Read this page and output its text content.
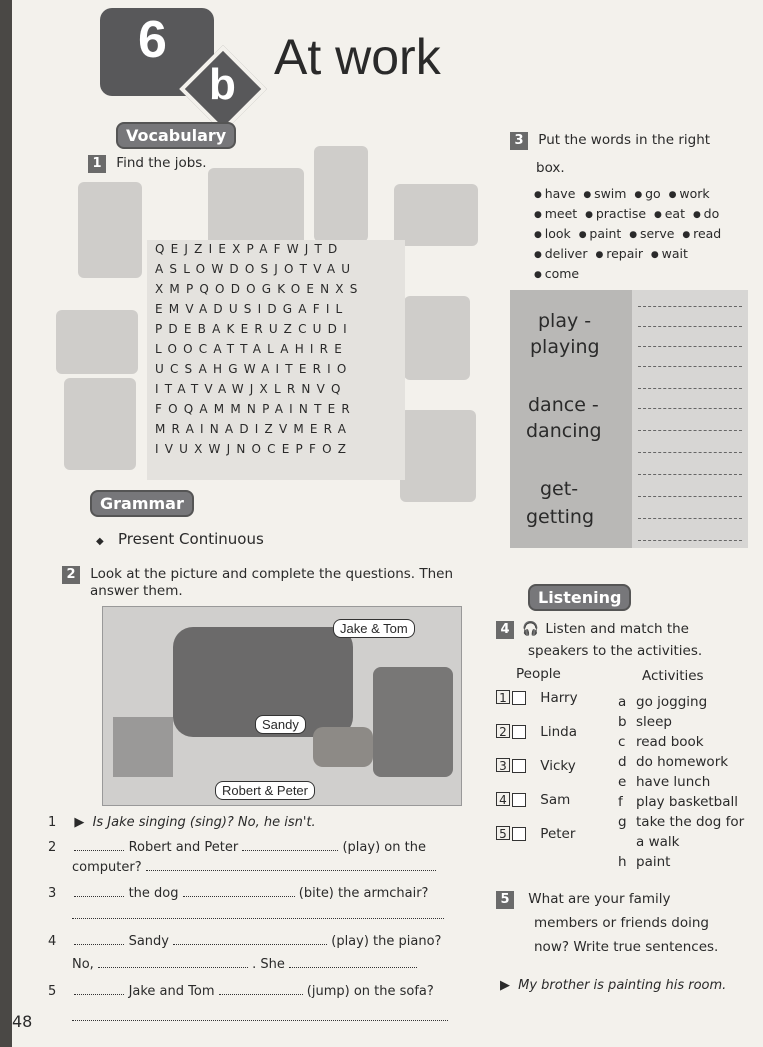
6
b At work
Vocabulary
1 Find the jobs.
QEJZIEXPAFWJTD
ASLOWDOSJOTVAU
XMPQODOGKOENXS
EMVADUSIDGAFIL
PDEBAKERUZCUDI
LOOCATTALAHIRE
UCSAHGWAITERIO
ITATVAWJXLRNVQ
FOQAMMNPAINTER
MRAINADIZVMERA
IVUXWJNOCEPFOZ
3 Put the words in the right
box.
● have ● swim ● go ● work
● meet ● practise ● eat ● do
● look ● paint ● serve ● read
● deliver ● repair ● wait
● come
play -
playing
dance -
dancing
get-
getting
Grammar
◆ Present Continuous
2 Look at the picture and complete the questions. Then
answer them.
Jake & Tom
Sandy
Robert & Peter
1 ▶ Is Jake singing (sing)? No, he isn't.
2	Robert and Peter	(play) on the
computer?
3	the dog	(bite) the armchair?
4	Sandy	(play) the piano?
No,	. She
5	Jake and Tom	(jump) on the sofa?
Listening
4 🎧 Listen and match the
speakers to the activities.
People	Activities
1 Harry
2 Linda
3 Vicky
4 Sam
5 Peter
a go jogging
b sleep
c read book
d do homework
e have lunch
f play basketball
g take the dog for
a walk
h paint
5 What are your family
members or friends doing
now? Write true sentences.
▶ My brother is painting his room.
48
